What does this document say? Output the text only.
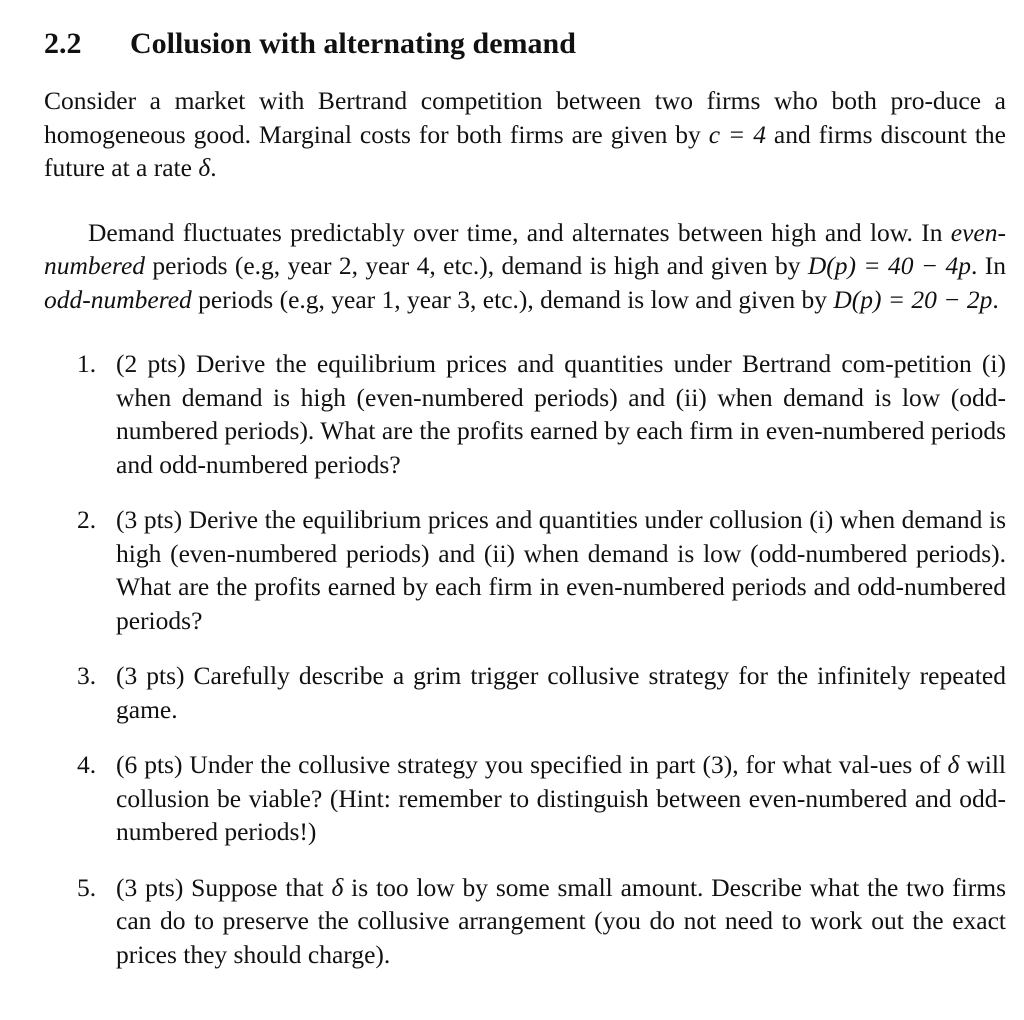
2.2	Collusion with alternating demand

Consider a market with Bertrand competition between two firms who both pro-duce a homogeneous good. Marginal costs for both firms are given by c = 4 and firms discount the future at a rate δ.

Demand fluctuates predictably over time, and alternates between high and low. In even-numbered periods (e.g, year 2, year 4, etc.), demand is high and given by D(p) = 40 − 4p. In odd-numbered periods (e.g, year 1, year 3, etc.), demand is low and given by D(p) = 20 − 2p.

1. (2 pts) Derive the equilibrium prices and quantities under Bertrand com-petition (i) when demand is high (even-numbered periods) and (ii) when demand is low (odd-numbered periods). What are the profits earned by each firm in even-numbered periods and odd-numbered periods?
2. (3 pts) Derive the equilibrium prices and quantities under collusion (i) when demand is high (even-numbered periods) and (ii) when demand is low (odd-numbered periods). What are the profits earned by each firm in even-numbered periods and odd-numbered periods?
3. (3 pts) Carefully describe a grim trigger collusive strategy for the infinitely repeated game.
4. (6 pts) Under the collusive strategy you specified in part (3), for what val-ues of δ will collusion be viable? (Hint: remember to distinguish between even-numbered and odd-numbered periods!)
5. (3 pts) Suppose that δ is too low by some small amount. Describe what the two firms can do to preserve the collusive arrangement (you do not need to work out the exact prices they should charge).
